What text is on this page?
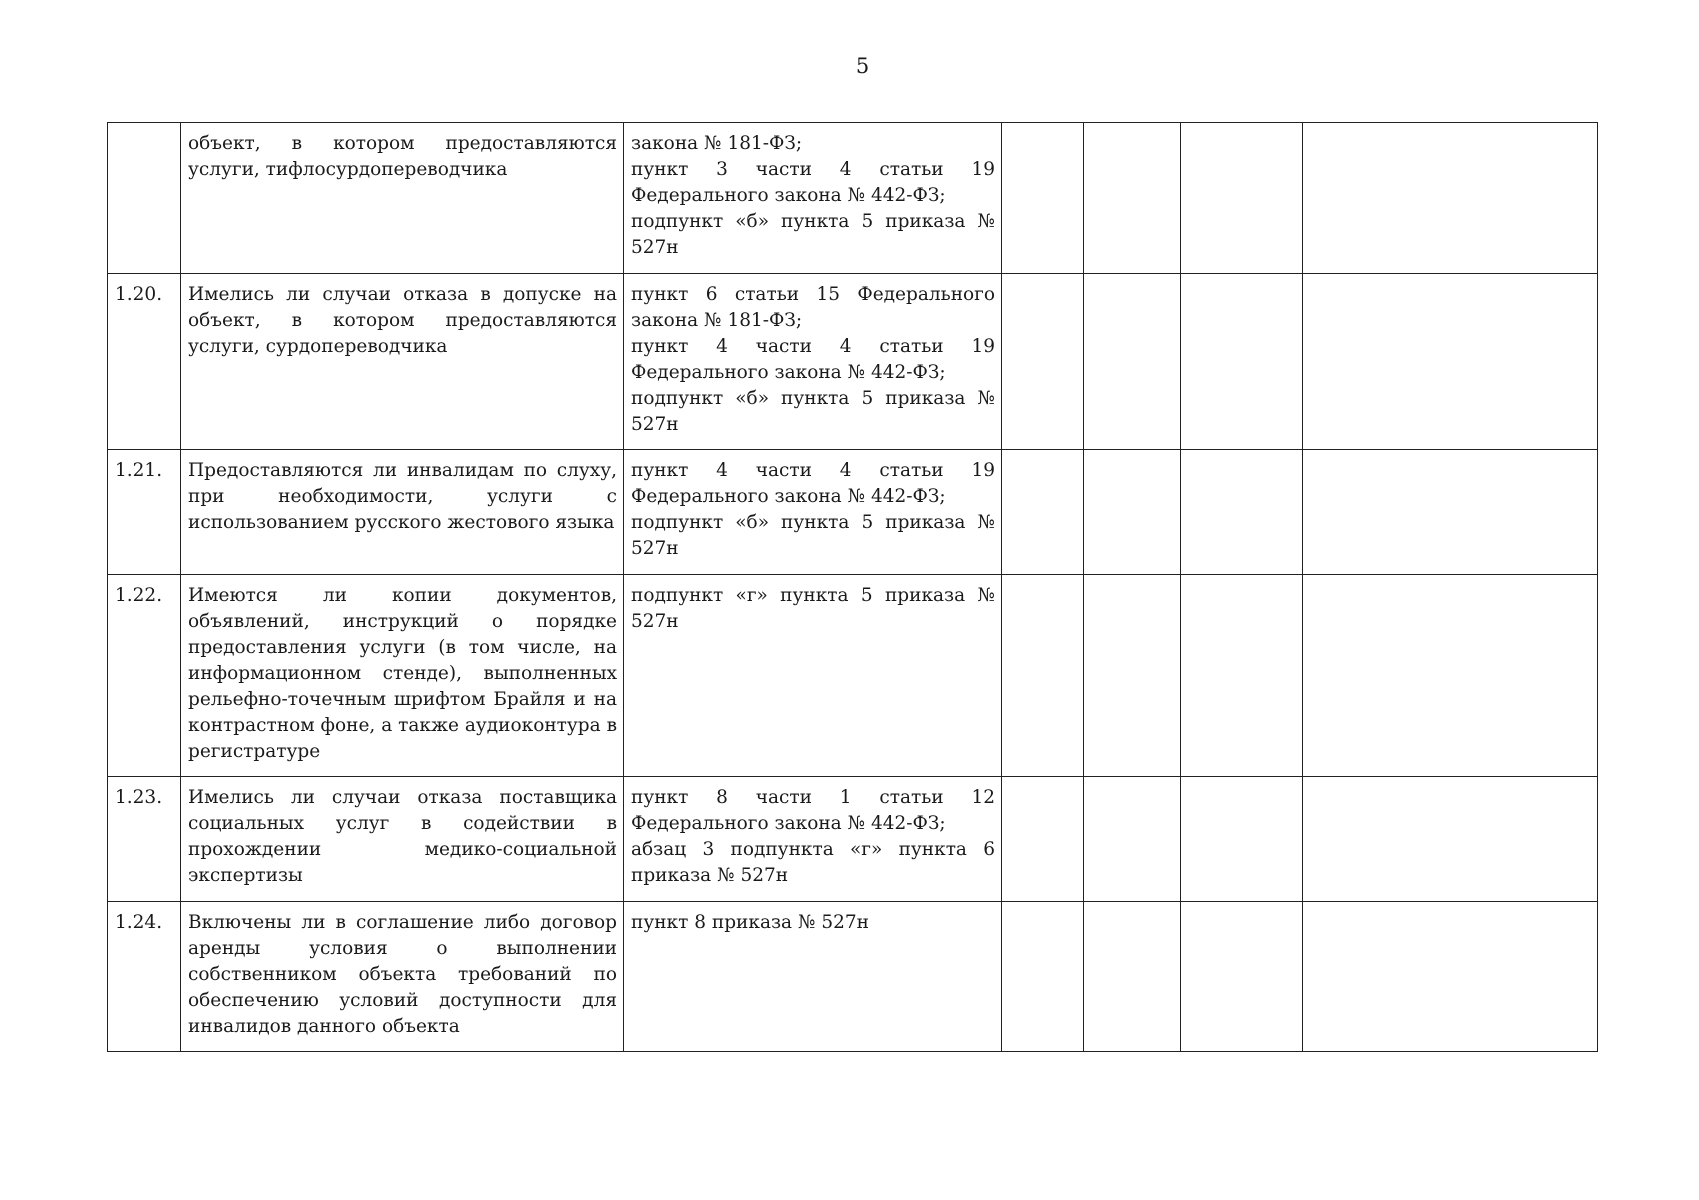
5
	объект, в котором предоставляются услуги, тифлосурдопереводчика	закона № 181-ФЗ;
пункт 3 части 4 статьи 19 Федерального закона № 442-ФЗ;
подпункт «б» пункта 5 приказа № 527н				

1.20.	Имелись ли случаи отказа в допуске на объект, в котором предоставляются услуги, сурдопереводчика	пункт 6 статьи 15 Федерального закона № 181-ФЗ;
пункт 4 части 4 статьи 19 Федерального закона № 442-ФЗ;
подпункт «б» пункта 5 приказа № 527н				

1.21.	Предоставляются ли инвалидам по слуху, при необходимости, услуги с использованием русского жестового языка	пункт 4 части 4 статьи 19 Федерального закона № 442-ФЗ;
подпункт «б» пункта 5 приказа № 527н				

1.22.	Имеются ли копии документов, объявлений, инструкций о порядке предоставления услуги (в том числе, на информационном стенде), выполненных рельефно-точечным шрифтом Брайля и на контрастном фоне, а также аудиоконтура в регистратуре	подпункт «г» пункта 5 приказа № 527н				

1.23.	Имелись ли случаи отказа поставщика социальных услуг в содействии в прохождении медико-социальной экспертизы	пункт 8 части 1 статьи 12 Федерального закона № 442-ФЗ;
абзац 3 подпункта «г» пункта 6 приказа № 527н				

1.24.	Включены ли в соглашение либо договор аренды условия о выполнении собственником объекта требований по обеспечению условий доступности для инвалидов данного объекта	пункт 8 приказа № 527н				
